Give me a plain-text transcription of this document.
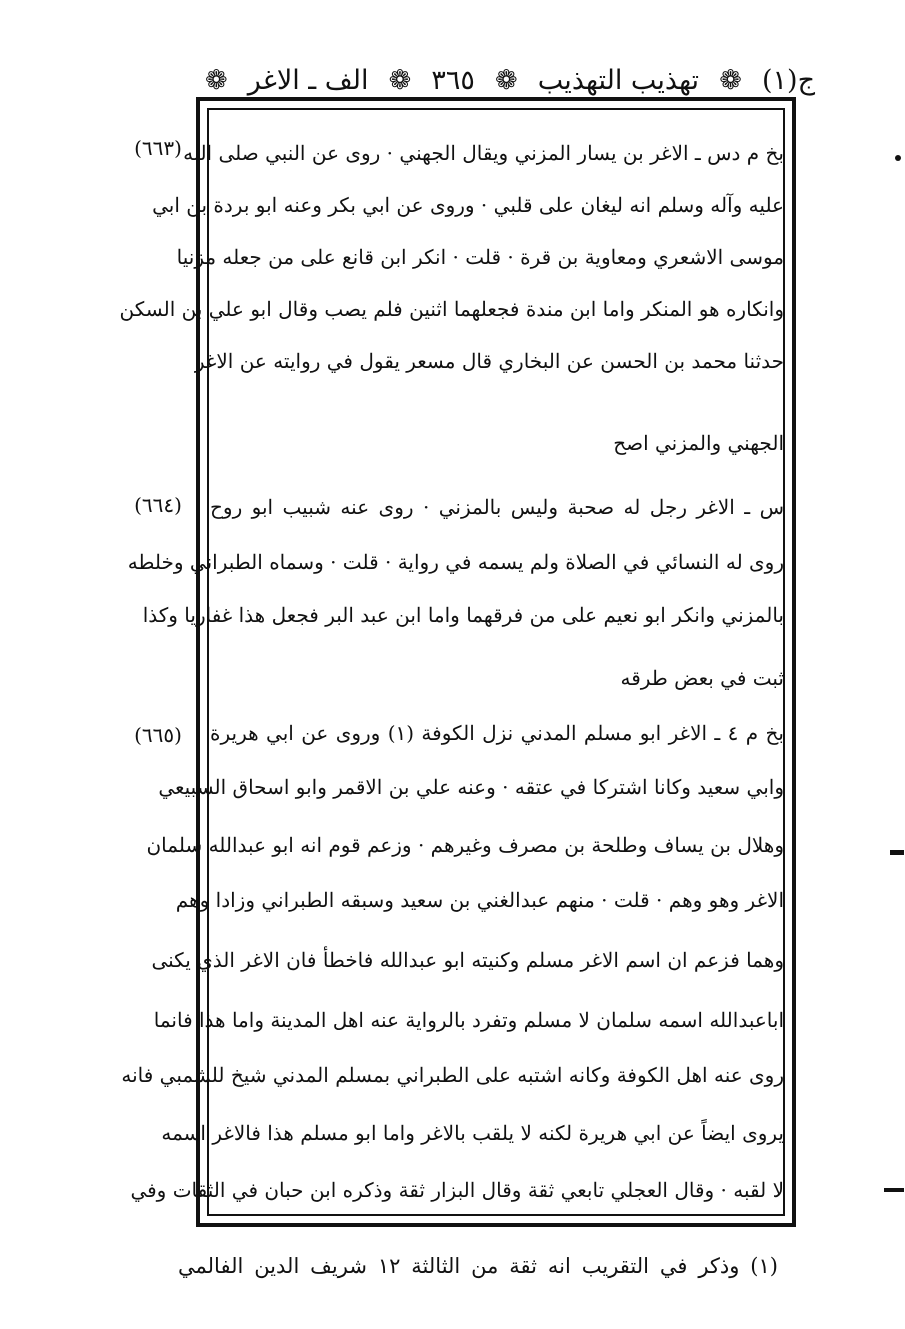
ج(۱)
❁
تهذيب التهذيب
❁
۳٦٥
❁
الف ـ الاغر
❁
(٦٦٣) بخ م دس ـ الاغر بن يسار المزني ويقال الجهني · روى عن النبي صلى الله
عليه وآله وسلم انه ليغان على قلبي · وروى عن ابي بكر وعنه ابو بردة بن ابي
موسى الاشعري ومعاوية بن قرة · قلت · انكر ابن قانع على من جعله مزنيا
وانكاره هو المنكر واما ابن مندة فجعلهما اثنين فلم يصب وقال ابو علي بن السكن
حدثنا محمد بن الحسن عن البخاري قال مسعر يقول في روايته عن الاغر
الجهني والمزني اصح
(٦٦٤)	س ـ الاغر رجل له صحبة وليس بالمزني · روى عنه شبيب ابو روح
روى له النسائي في الصلاة ولم يسمه في رواية · قلت · وسماه الطبراني وخلطه
بالمزني وانكر ابو نعيم على من فرقهما واما ابن عبد البر فجعل هذا غفاريا وكذا
ثبت في بعض طرقه
(٦٦٥)	بخ م ٤ ـ الاغر ابو مسلم المدني نزل الكوفة (١) وروى عن ابي هريرة
وابي سعيد وكانا اشتركا في عتقه · وعنه علي بن الاقمر وابو اسحاق السبيعي
وهلال بن يساف وطلحة بن مصرف وغيرهم · وزعم قوم انه ابو عبدالله سلمان
الاغر وهو وهم · قلت · منهم عبدالغني بن سعيد وسبقه الطبراني وزادا وهم
وهما فزعم ان اسم الاغر مسلم وكنيته ابو عبدالله فاخطأ فان الاغر الذي يكنى
اباعبدالله اسمه سلمان لا مسلم وتفرد بالرواية عنه اهل المدينة واما هذا فانما
روى عنه اهل الكوفة وكانه اشتبه على الطبراني بمسلم المدني شيخ للشمبي فانه
يروى ايضاً عن ابي هريرة لكنه لا يلقب بالاغر واما ابو مسلم هذا فالاغر اسمه
لا لقبه · وقال العجلي تابعي ثقة وقال البزار ثقة وذكره ابن حبان في الثقات وفي
(١) وذكر في التقريب انه ثقة من الثالثة ١٢ شريف الدين الفالمي
